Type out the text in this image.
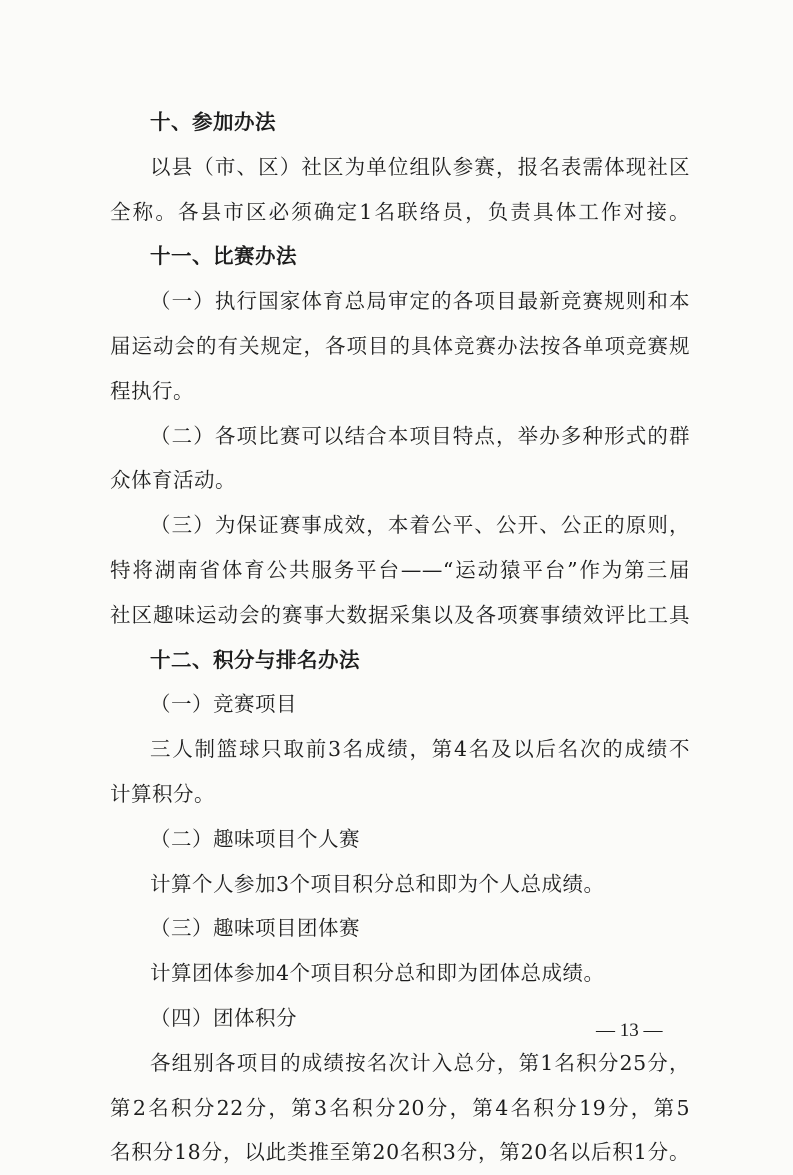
十、参加办法
以县（市、区）社区为单位组队参赛，报名表需体现社区
全称。各县市区必须确定1名联络员，负责具体工作对接。
十一、比赛办法
（一）执行国家体育总局审定的各项目最新竞赛规则和本
届运动会的有关规定，各项目的具体竞赛办法按各单项竞赛规
程执行。
（二）各项比赛可以结合本项目特点，举办多种形式的群
众体育活动。
（三）为保证赛事成效，本着公平、公开、公正的原则，
特将湖南省体育公共服务平台——“运动猿平台”作为第三届
社区趣味运动会的赛事大数据采集以及各项赛事绩效评比工具
十二、积分与排名办法
（一）竞赛项目
三人制篮球只取前3名成绩，第4名及以后名次的成绩不
计算积分。
（二）趣味项目个人赛
计算个人参加3个项目积分总和即为个人总成绩。
（三）趣味项目团体赛
计算团体参加4个项目积分总和即为团体总成绩。
（四）团体积分
各组别各项目的成绩按名次计入总分，第1名积分25分，
第2名积分22分，第3名积分20分，第4名积分19分，第5
名积分18分，以此类推至第20名积3分，第20名以后积1分。
— 13 —
